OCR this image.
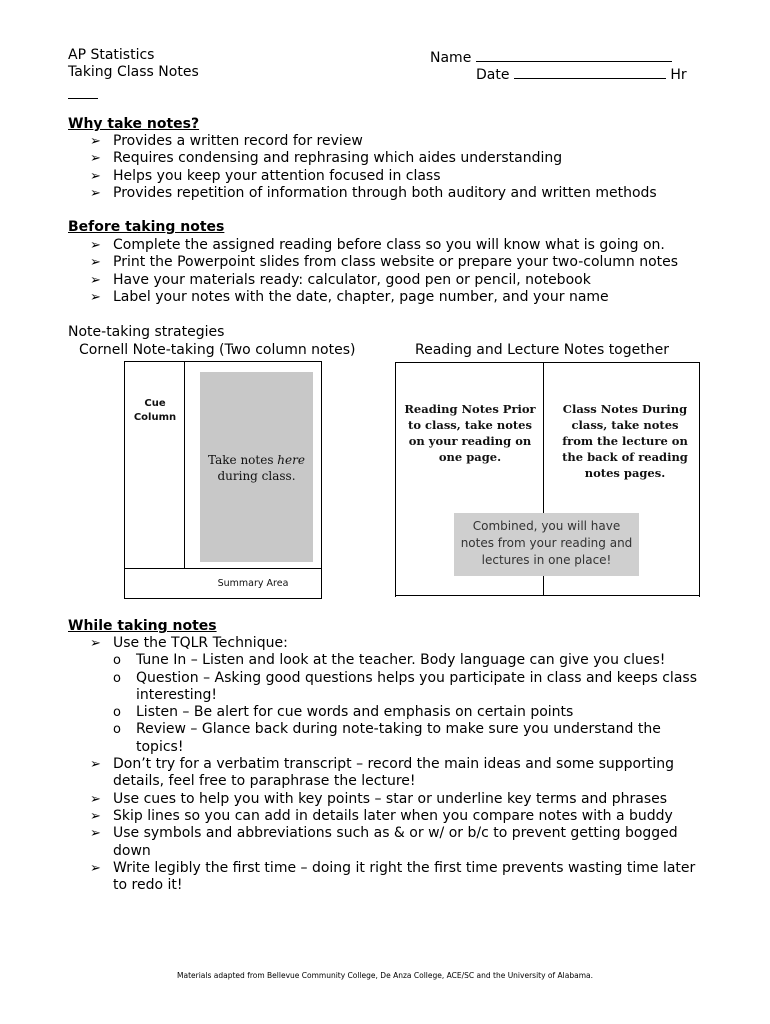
AP Statistics
Taking Class Notes
Name
Date	Hr
Why take notes?
➢ Provides a written record for review
➢ Requires condensing and rephrasing which aides understanding
➢ Helps you keep your attention focused in class
➢ Provides repetition of information through both auditory and written methods
Before taking notes
➢ Complete the assigned reading before class so you will know what is going on.
➢ Print the Powerpoint slides from class website or prepare your two-column notes
➢ Have your materials ready: calculator, good pen or pencil, notebook
➢ Label your notes with the date, chapter, page number, and your name
Note-taking strategies
Cornell Note-taking (Two column notes)	Reading and Lecture Notes together
Cue Column
Take notes here
during class.
Summary Area
Reading Notes Prior to class, take notes on your reading on one page.
Class Notes During class, take notes from the lecture on the back of reading notes pages.
Combined, you will have notes from your reading and lectures in one place!
While taking notes
➢ Use the TQLR Technique:
o Tune In – Listen and look at the teacher. Body language can give you clues!
o Question – Asking good questions helps you participate in class and keeps class interesting!
o Listen – Be alert for cue words and emphasis on certain points
o Review – Glance back during note-taking to make sure you understand the topics!
➢ Don’t try for a verbatim transcript – record the main ideas and some supporting details, feel free to paraphrase the lecture!
➢ Use cues to help you with key points – star or underline key terms and phrases
➢ Skip lines so you can add in details later when you compare notes with a buddy
➢ Use symbols and abbreviations such as & or w/ or b/c to prevent getting bogged down
➢ Write legibly the first time – doing it right the first time prevents wasting time later to redo it!
Materials adapted from Bellevue Community College, De Anza College, ACE/SC and the University of Alabama.
